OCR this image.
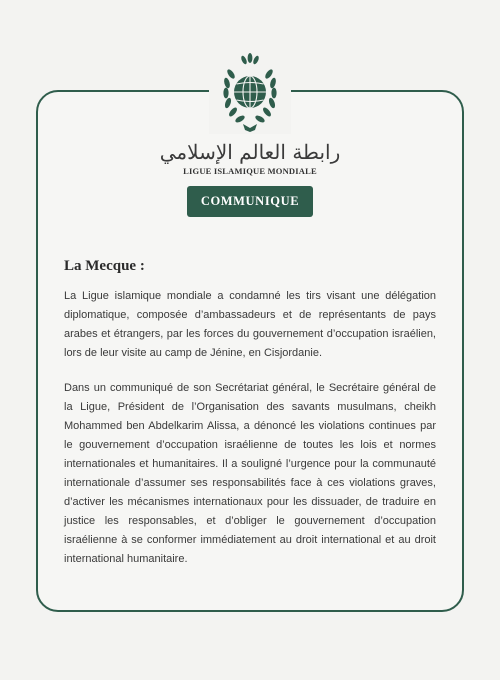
رابطة العالم الإسلامي
LIGUE ISLAMIQUE MONDIALE
COMMUNIQUE
La Mecque :

La Ligue islamique mondiale a condamné les tirs visant une délégation diplomatique, composée d’ambassadeurs et de représentants de pays arabes et étrangers, par les forces du gouvernement d’occupation israélien, lors de leur visite au camp de Jénine, en Cisjordanie.

Dans un communiqué de son Secrétariat général, le Secrétaire général de la Ligue, Président de l’Organisation des savants musulmans, cheikh Mohammed ben Abdelkarim Alissa, a dénoncé les violations continues par le gouvernement d’occupation israélienne de toutes les lois et normes internationales et humanitaires. Il a souligné l’urgence pour la communauté internationale d’assumer ses responsabilités face à ces violations graves, d’activer les mécanismes internationaux pour les dissuader, de traduire en justice les responsables, et d’obliger le gouvernement d’occupation israélienne à se conformer immédiatement au droit international et au droit international humanitaire.
